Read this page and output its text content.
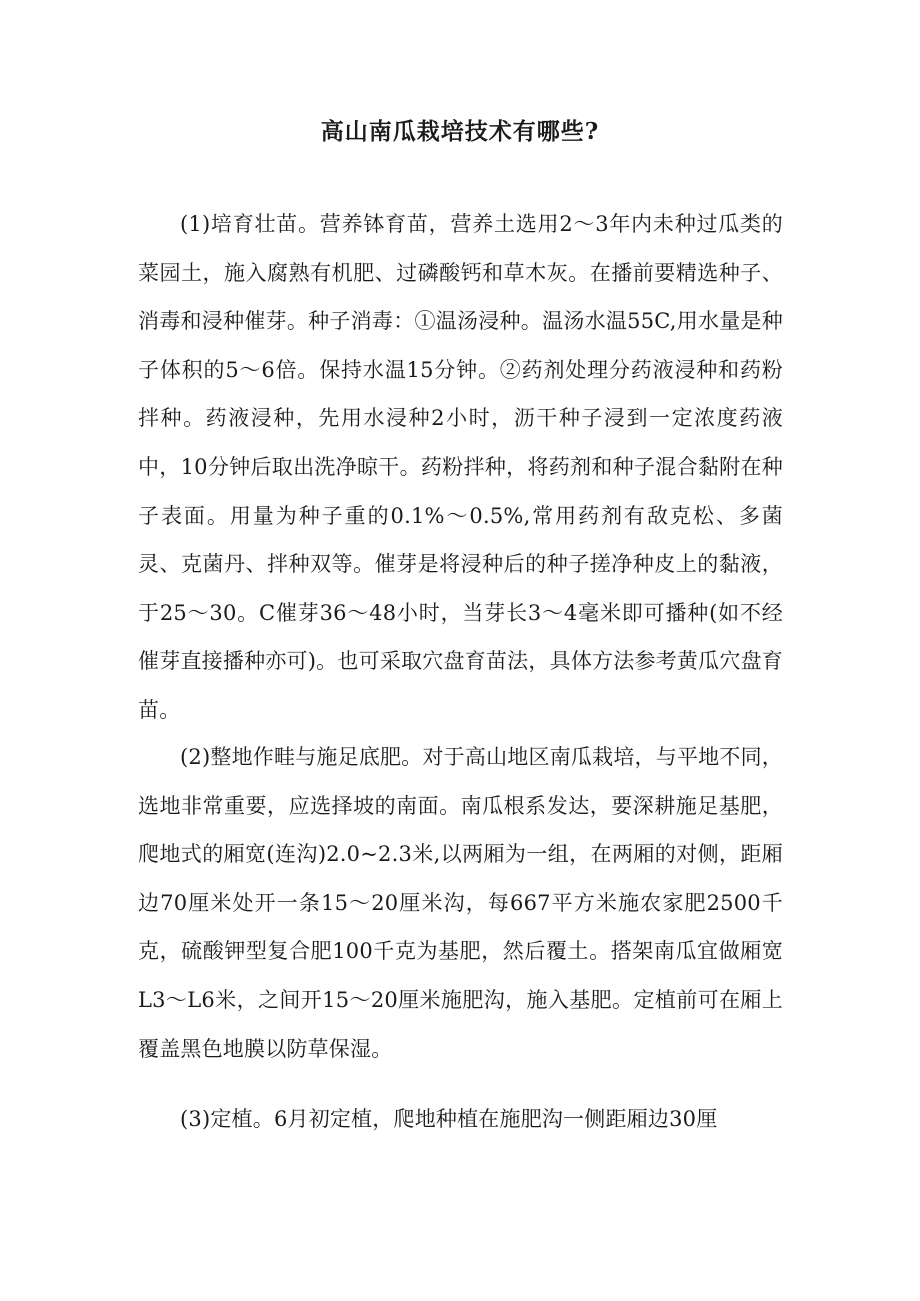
高山南瓜栽培技术有哪些?

(1)培育壮苗。营养钵育苗，营养土选用2～3年内未种过瓜类的菜园土，施入腐熟有机肥、过磷酸钙和草木灰。在播前要精选种子、消毒和浸种催芽。种子消毒：①温汤浸种。温汤水温55C,用水量是种子体积的5～6倍。保持水温15分钟。②药剂处理分药液浸种和药粉拌种。药液浸种，先用水浸种2小时，沥干种子浸到一定浓度药液中，10分钟后取出洗净晾干。药粉拌种，将药剂和种子混合黏附在种子表面。用量为种子重的0.1%～0.5%,常用药剂有敌克松、多菌灵、克菌丹、拌种双等。催芽是将浸种后的种子搓净种皮上的黏液，于25～30。C催芽36～48小时，当芽长3～4毫米即可播种(如不经催芽直接播种亦可)。也可采取穴盘育苗法，具体方法参考黄瓜穴盘育苗。

(2)整地作畦与施足底肥。对于高山地区南瓜栽培，与平地不同，选地非常重要，应选择坡的南面。南瓜根系发达，要深耕施足基肥，爬地式的厢宽(连沟)2.0~2.3米,以两厢为一组，在两厢的对侧，距厢边70厘米处开一条15～20厘米沟，每667平方米施农家肥2500千克，硫酸钾型复合肥100千克为基肥，然后覆土。搭架南瓜宜做厢宽L3～L6米，之间开15～20厘米施肥沟，施入基肥。定植前可在厢上覆盖黑色地膜以防草保湿。

(3)定植。6月初定植，爬地种植在施肥沟一侧距厢边30厘
